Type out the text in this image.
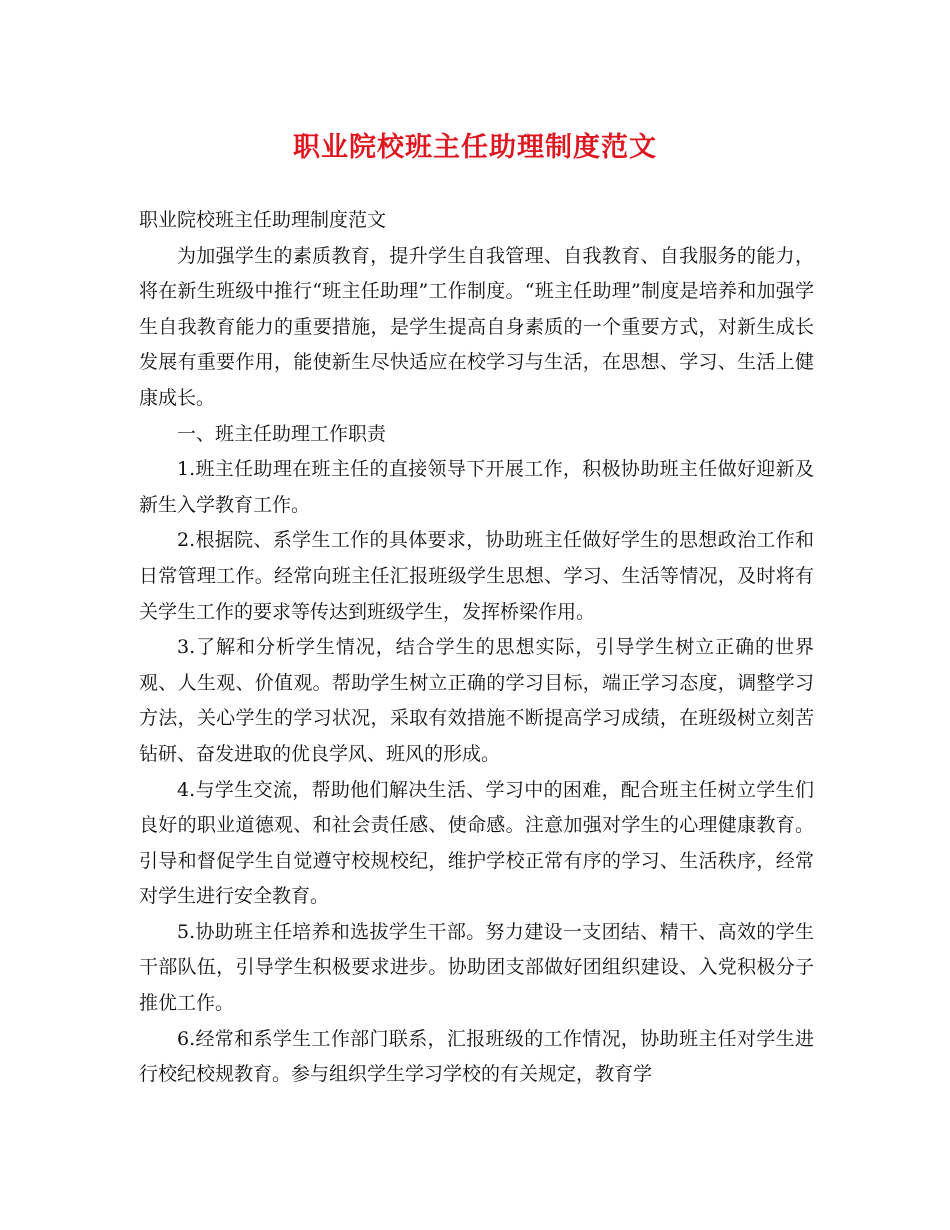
职业院校班主任助理制度范文

职业院校班主任助理制度范文

为加强学生的素质教育，提升学生自我管理、自我教育、自我服务的能力，将在新生班级中推行“班主任助理”工作制度。“班主任助理”制度是培养和加强学生自我教育能力的重要措施，是学生提高自身素质的一个重要方式，对新生成长发展有重要作用，能使新生尽快适应在校学习与生活，在思想、学习、生活上健康成长。

一、班主任助理工作职责

1.班主任助理在班主任的直接领导下开展工作，积极协助班主任做好迎新及新生入学教育工作。

2.根据院、系学生工作的具体要求，协助班主任做好学生的思想政治工作和日常管理工作。经常向班主任汇报班级学生思想、学习、生活等情况，及时将有关学生工作的要求等传达到班级学生，发挥桥梁作用。

3.了解和分析学生情况，结合学生的思想实际，引导学生树立正确的世界观、人生观、价值观。帮助学生树立正确的学习目标，端正学习态度，调整学习方法，关心学生的学习状况，采取有效措施不断提高学习成绩，在班级树立刻苦钻研、奋发进取的优良学风、班风的形成。

4.与学生交流，帮助他们解决生活、学习中的困难，配合班主任树立学生们良好的职业道德观、和社会责任感、使命感。注意加强对学生的心理健康教育。引导和督促学生自觉遵守校规校纪，维护学校正常有序的学习、生活秩序，经常对学生进行安全教育。

5.协助班主任培养和选拔学生干部。努力建设一支团结、精干、高效的学生干部队伍，引导学生积极要求进步。协助团支部做好团组织建设、入党积极分子推优工作。

6.经常和系学生工作部门联系，汇报班级的工作情况，协助班主任对学生进行校纪校规教育。参与组织学生学习学校的有关规定，教育学
